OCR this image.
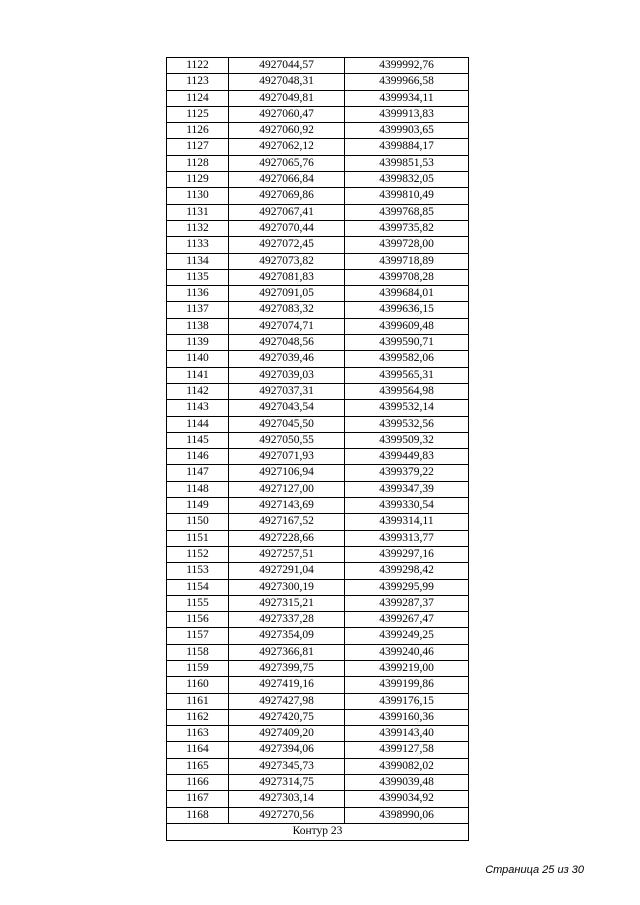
1122	4927044,57	4399992,76
1123	4927048,31	4399966,58
1124	4927049,81	4399934,11
1125	4927060,47	4399913,83
1126	4927060,92	4399903,65
1127	4927062,12	4399884,17
1128	4927065,76	4399851,53
1129	4927066,84	4399832,05
1130	4927069,86	4399810,49
1131	4927067,41	4399768,85
1132	4927070,44	4399735,82
1133	4927072,45	4399728,00
1134	4927073,82	4399718,89
1135	4927081,83	4399708,28
1136	4927091,05	4399684,01
1137	4927083,32	4399636,15
1138	4927074,71	4399609,48
1139	4927048,56	4399590,71
1140	4927039,46	4399582,06
1141	4927039,03	4399565,31
1142	4927037,31	4399564,98
1143	4927043,54	4399532,14
1144	4927045,50	4399532,56
1145	4927050,55	4399509,32
1146	4927071,93	4399449,83
1147	4927106,94	4399379,22
1148	4927127,00	4399347,39
1149	4927143,69	4399330,54
1150	4927167,52	4399314,11
1151	4927228,66	4399313,77
1152	4927257,51	4399297,16
1153	4927291,04	4399298,42
1154	4927300,19	4399295,99
1155	4927315,21	4399287,37
1156	4927337,28	4399267,47
1157	4927354,09	4399249,25
1158	4927366,81	4399240,46
1159	4927399,75	4399219,00
1160	4927419,16	4399199,86
1161	4927427,98	4399176,15
1162	4927420,75	4399160,36
1163	4927409,20	4399143,40
1164	4927394,06	4399127,58
1165	4927345,73	4399082,02
1166	4927314,75	4399039,48
1167	4927303,14	4399034,92
1168	4927270,56	4398990,06
Контур 23		
Страница 25 из 30
